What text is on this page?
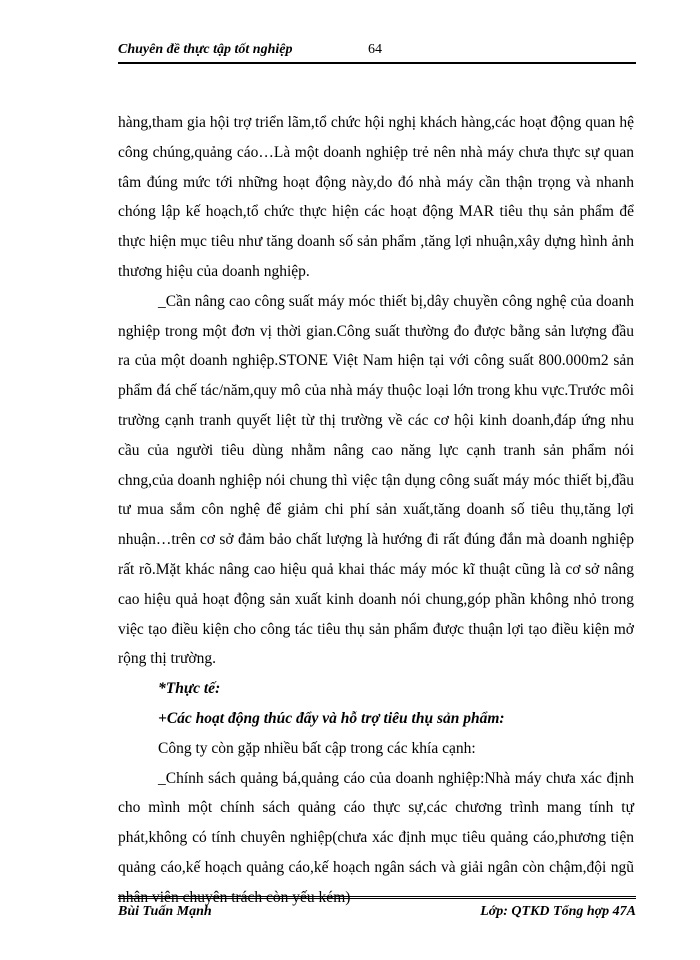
Chuyên đề thực tập tốt nghiệp	64

hàng,tham gia hội trợ triển lãm,tổ chức hội nghị khách hàng,các hoạt động quan hệ công chúng,quảng cáo…Là một doanh nghiệp trẻ nên nhà máy chưa thực sự quan tâm đúng mức tới những hoạt động này,do đó nhà máy cần thận trọng và nhanh chóng lập kế hoạch,tổ chức thực hiện các hoạt động MAR tiêu thụ sản phẩm để thực hiện mục tiêu như tăng doanh số sản phẩm ,tăng lợi nhuận,xây dựng hình ảnh thương hiệu của doanh nghiệp.

_Cần nâng cao công suất máy móc thiết bị,dây chuyền công nghệ của doanh nghiệp trong một đơn vị thời gian.Công suất thường đo được bằng sản lượng đầu ra của một doanh nghiệp.STONE Việt Nam hiện tại với công suất 800.000m2 sản phẩm đá chế tác/năm,quy mô của nhà máy thuộc loại lớn trong khu vực.Trước môi trường cạnh tranh quyết liệt từ thị trường về các cơ hội kinh doanh,đáp ứng nhu cầu của người tiêu dùng nhằm nâng cao năng lực cạnh tranh sản phẩm nói chng,của doanh nghiệp nói chung thì việc tận dụng công suất máy móc thiết bị,đầu tư mua sắm côn nghệ để giảm chi phí sản xuất,tăng doanh số tiêu thụ,tăng lợi nhuận…trên cơ sở đảm bảo chất lượng là hướng đi rất đúng đắn mà doanh nghiệp rất rõ.Mặt khác nâng cao hiệu quả khai thác máy móc kĩ thuật cũng là cơ sở nâng cao hiệu quả hoạt động sản xuất kinh doanh nói chung,góp phần không nhỏ trong việc tạo điều kiện cho công tác tiêu thụ sản phẩm được thuận lợi tạo điều kiện mở rộng thị trường.

*Thực tế:

+Các hoạt động thúc đẩy và hỗ trợ tiêu thụ sản phẩm:

Công ty còn gặp nhiều bất cập trong các khía cạnh:

_Chính sách quảng bá,quảng cáo của doanh nghiệp:Nhà máy chưa xác định cho mình một chính sách quảng cáo thực sự,các chương trình mang tính tự phát,không có tính chuyên nghiệp(chưa xác định mục tiêu quảng cáo,phương tiện quảng cáo,kế hoạch quảng cáo,kế hoạch ngân sách và giải ngân còn chậm,đội ngũ nhân viên chuyên trách còn yếu kém)

Bùi Tuấn Mạnh	Lớp: QTKD Tổng hợp 47A
